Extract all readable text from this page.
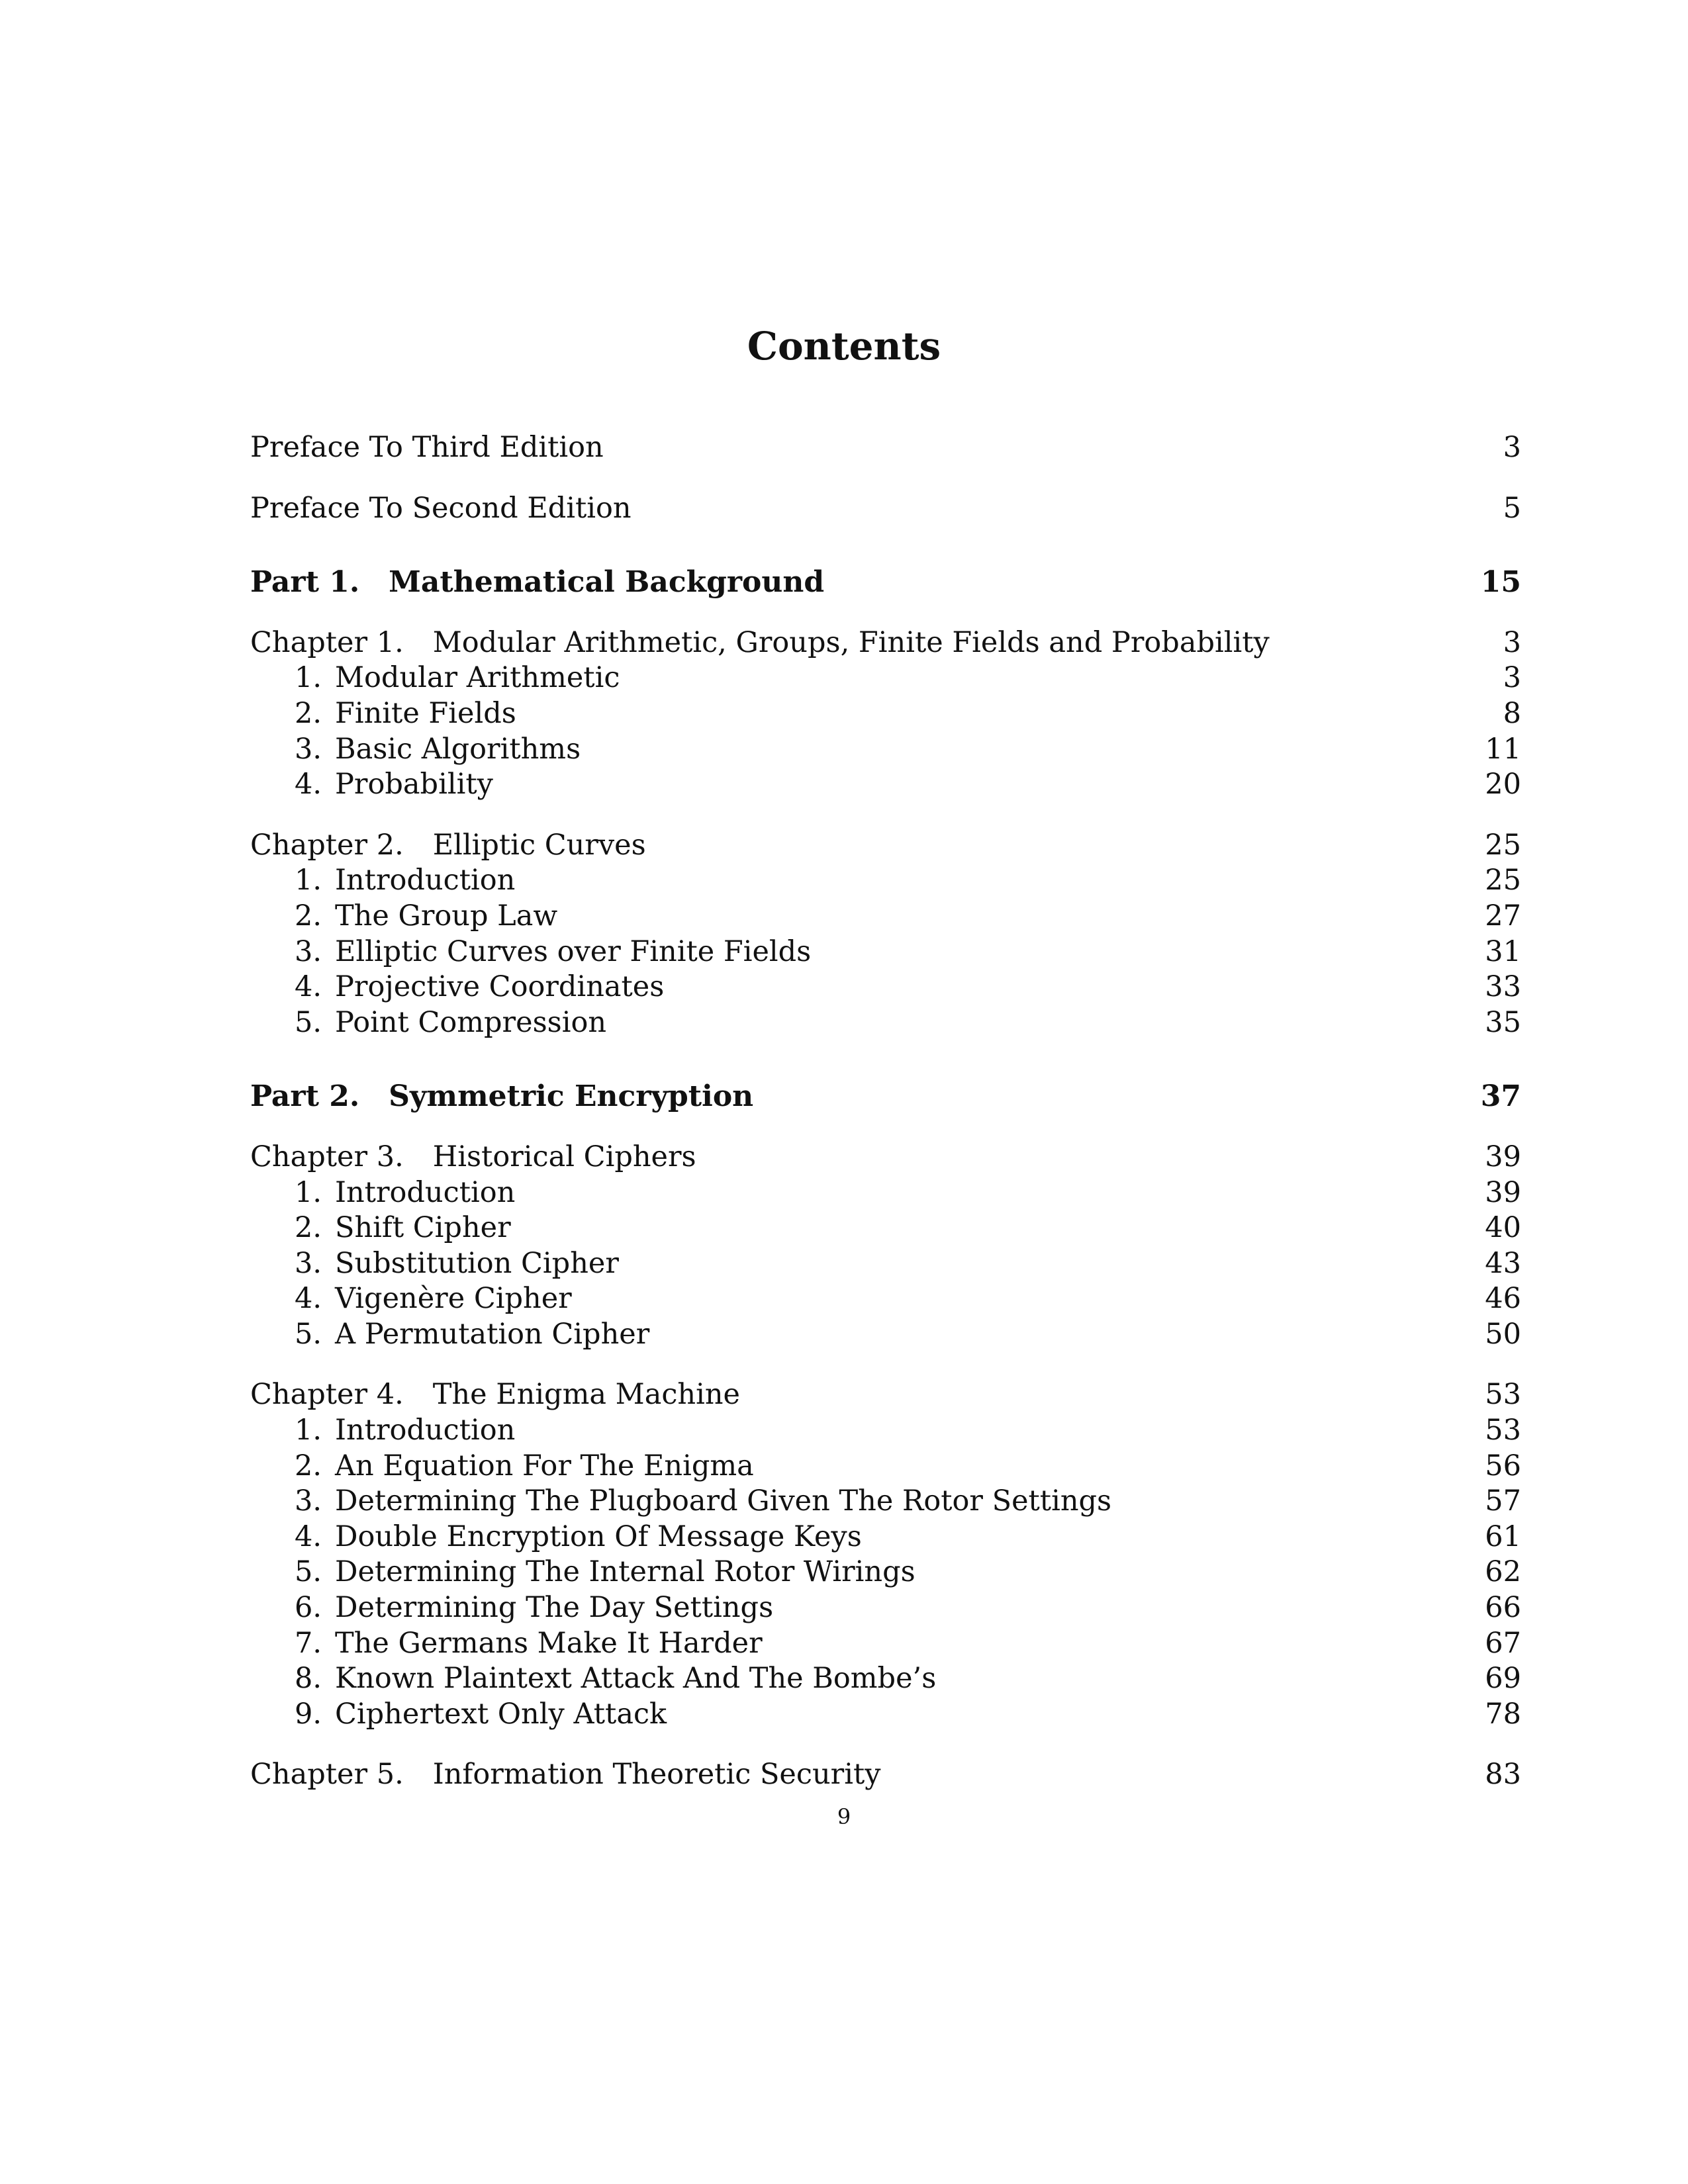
Contents
Preface To Third Edition	3
Preface To Second Edition	5
Part 1. Mathematical Background	15
Chapter 1. Modular Arithmetic, Groups, Finite Fields and Probability	3
1. Modular Arithmetic	3
2. Finite Fields	8
3. Basic Algorithms	11
4. Probability	20
Chapter 2. Elliptic Curves	25
1. Introduction	25
2. The Group Law	27
3. Elliptic Curves over Finite Fields	31
4. Projective Coordinates	33
5. Point Compression	35
Part 2. Symmetric Encryption	37
Chapter 3. Historical Ciphers	39
1. Introduction	39
2. Shift Cipher	40
3. Substitution Cipher	43
4. Vigenère Cipher	46
5. A Permutation Cipher	50
Chapter 4. The Enigma Machine	53
1. Introduction	53
2. An Equation For The Enigma	56
3. Determining The Plugboard Given The Rotor Settings	57
4. Double Encryption Of Message Keys	61
5. Determining The Internal Rotor Wirings	62
6. Determining The Day Settings	66
7. The Germans Make It Harder	67
8. Known Plaintext Attack And The Bombe’s	69
9. Ciphertext Only Attack	78
Chapter 5. Information Theoretic Security	83
9
